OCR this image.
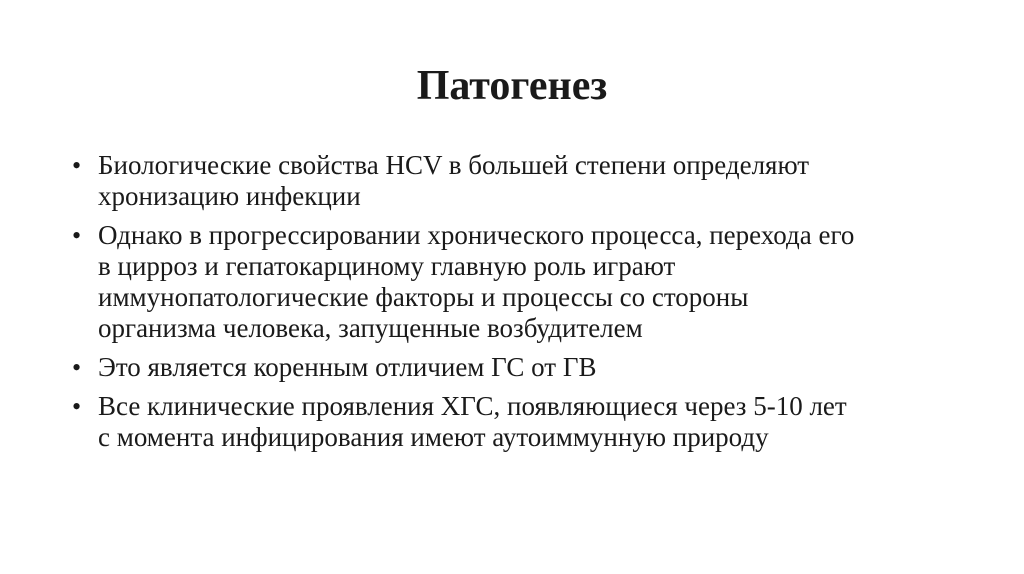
Патогенез
• Биологические свойства HCV в большей степени определяют
хронизацию инфекции
• Однако в прогрессировании хронического процесса, перехода его
в цирроз и гепатокарциному главную роль играют
иммунопатологические факторы и процессы со стороны
организма человека, запущенные возбудителем
• Это является коренным отличием ГС от ГВ
• Все клинические проявления ХГС, появляющиеся через 5-10 лет
с момента инфицирования имеют аутоиммунную природу
